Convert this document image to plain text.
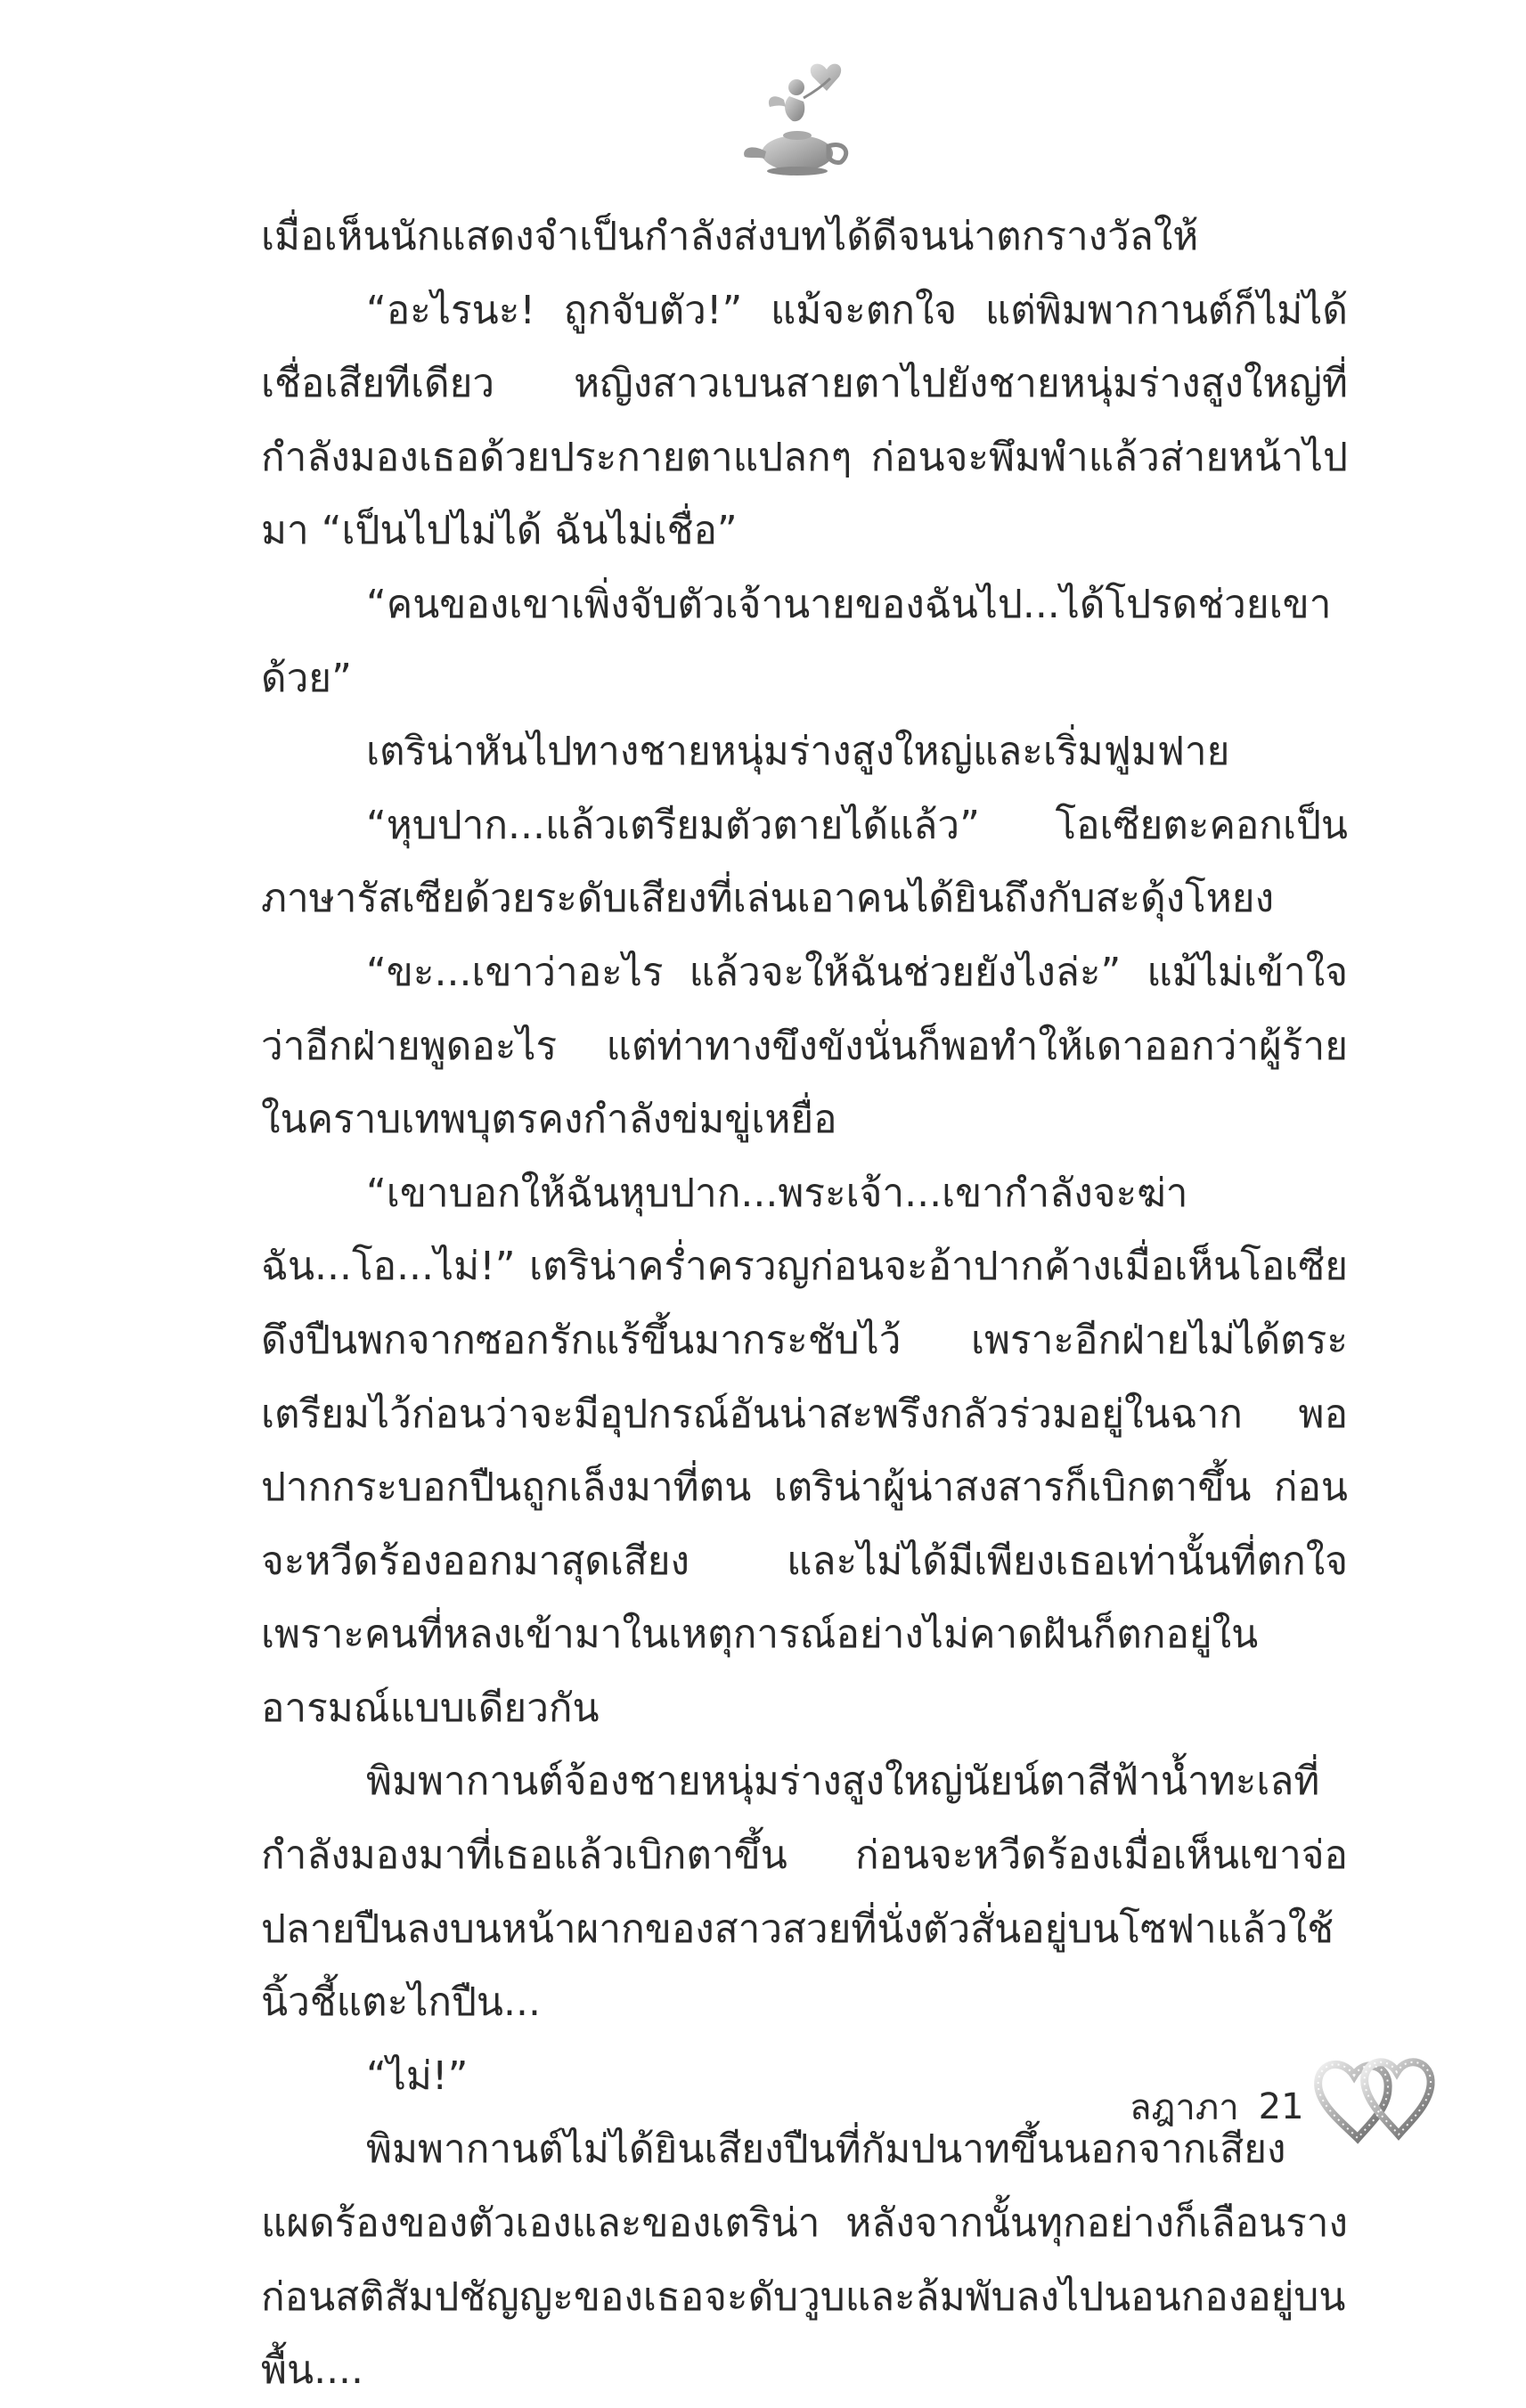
เมื่อเห็นนักแสดงจำเป็นกำลังส่งบทได้ดีจนน่าตกรางวัลให้

“อะไรนะ! ถูกจับตัว!” แม้จะตกใจ แต่พิมพากานต์ก็ไม่ได้เชื่อเสียทีเดียว หญิงสาวเบนสายตาไปยังชายหนุ่มร่างสูงใหญ่ที่กำลังมองเธอด้วยประกายตาแปลกๆ ก่อนจะพึมพำแล้วส่ายหน้าไปมา “เป็นไปไม่ได้ ฉันไม่เชื่อ”

“คนของเขาเพิ่งจับตัวเจ้านายของฉันไป...ได้โปรดช่วยเขาด้วย”

เตริน่าหันไปทางชายหนุ่มร่างสูงใหญ่และเริ่มฟูมฟาย

“หุบปาก...แล้วเตรียมตัวตายได้แล้ว” โอเซียตะคอกเป็นภาษารัสเซียด้วยระดับเสียงที่เล่นเอาคนได้ยินถึงกับสะดุ้งโหยง

“ขะ...เขาว่าอะไร แล้วจะให้ฉันช่วยยังไงล่ะ” แม้ไม่เข้าใจว่าอีกฝ่ายพูดอะไร แต่ท่าทางขึงขังนั่นก็พอทำให้เดาออกว่าผู้ร้ายในคราบเทพบุตรคงกำลังข่มขู่เหยื่อ

“เขาบอกให้ฉันหุบปาก...พระเจ้า...เขากำลังจะฆ่าฉัน...โอ...ไม่!” เตริน่าคร่ำครวญก่อนจะอ้าปากค้างเมื่อเห็นโอเซียดึงปืนพกจากซอกรักแร้ขึ้นมากระชับไว้ เพราะอีกฝ่ายไม่ได้ตระเตรียมไว้ก่อนว่าจะมีอุปกรณ์อันน่าสะพรึงกลัวร่วมอยู่ในฉาก พอปากกระบอกปืนถูกเล็งมาที่ตน เตริน่าผู้น่าสงสารก็เบิกตาขึ้น ก่อนจะหวีดร้องออกมาสุดเสียง และไม่ได้มีเพียงเธอเท่านั้นที่ตกใจ เพราะคนที่หลงเข้ามาในเหตุการณ์อย่างไม่คาดฝันก็ตกอยู่ในอารมณ์แบบเดียวกัน

พิมพากานต์จ้องชายหนุ่มร่างสูงใหญ่นัยน์ตาสีฟ้าน้ำทะเลที่กำลังมองมาที่เธอแล้วเบิกตาขึ้น ก่อนจะหวีดร้องเมื่อเห็นเขาจ่อปลายปืนลงบนหน้าผากของสาวสวยที่นั่งตัวสั่นอยู่บนโซฟาแล้วใช้นิ้วชี้แตะไกปืน...

“ไม่!”

พิมพากานต์ไม่ได้ยินเสียงปืนที่กัมปนาทขึ้นนอกจากเสียงแผดร้องของตัวเองและของเตริน่า หลังจากนั้นทุกอย่างก็เลือนราง ก่อนสติสัมปชัญญะของเธอจะดับวูบและล้มพับลงไปนอนกองอยู่บนพื้น....

ลฎาภา 21
